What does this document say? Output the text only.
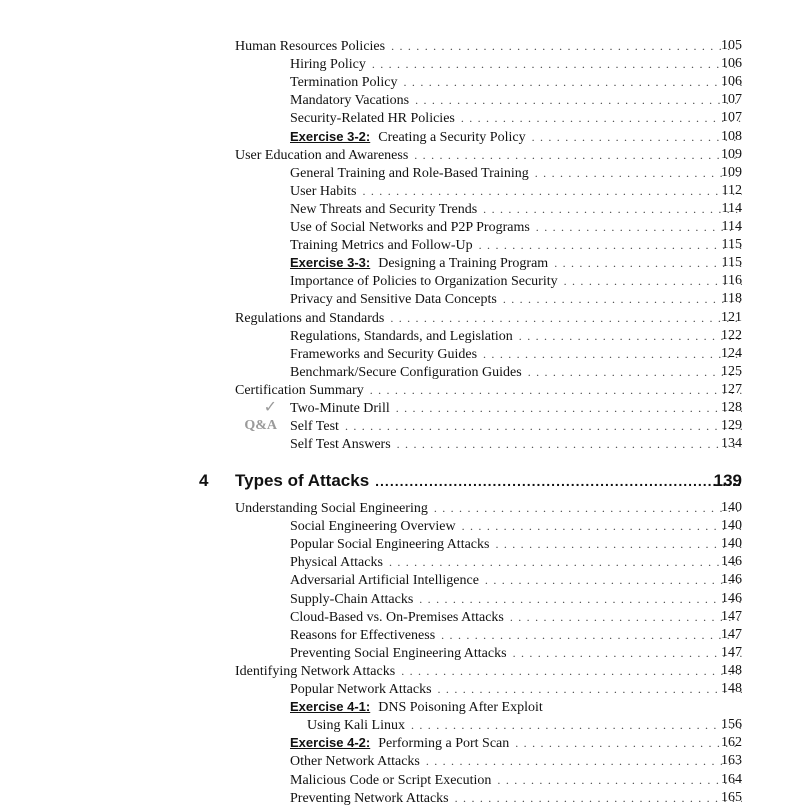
Human Resources Policies . . .	105
Hiring Policy . . .	106
Termination Policy . . .	106
Mandatory Vacations . . .	107
Security-Related HR Policies . . .	107
Exercise 3-2: Creating a Security Policy . . .	108
User Education and Awareness . . .	109
General Training and Role-Based Training . . .	109
User Habits . . .	112
New Threats and Security Trends . . .	114
Use of Social Networks and P2P Programs . . .	114
Training Metrics and Follow-Up . . .	115
Exercise 3-3: Designing a Training Program . . .	115
Importance of Policies to Organization Security . . .	116
Privacy and Sensitive Data Concepts . . .	118
Regulations and Standards . . .	121
Regulations, Standards, and Legislation . . .	122
Frameworks and Security Guides . . .	124
Benchmark/Secure Configuration Guides . . .	125
Certification Summary . . .	127
✓ Two-Minute Drill . . .	128
Q&A Self Test . . .	129
Self Test Answers . . .	134
4 Types of Attacks .....	139
Understanding Social Engineering . . .	140
Social Engineering Overview . . .	140
Popular Social Engineering Attacks . . .	140
Physical Attacks . . .	146
Adversarial Artificial Intelligence . . .	146
Supply-Chain Attacks . . .	146
Cloud-Based vs. On-Premises Attacks . . .	147
Reasons for Effectiveness . . .	147
Preventing Social Engineering Attacks . . .	147
Identifying Network Attacks . . .	148
Popular Network Attacks . . .	148
Exercise 4-1: DNS Poisoning After Exploit
Using Kali Linux . . .	156
Exercise 4-2: Performing a Port Scan . . .	162
Other Network Attacks . . .	163
Malicious Code or Script Execution . . .	164
Preventing Network Attacks . . .	165
